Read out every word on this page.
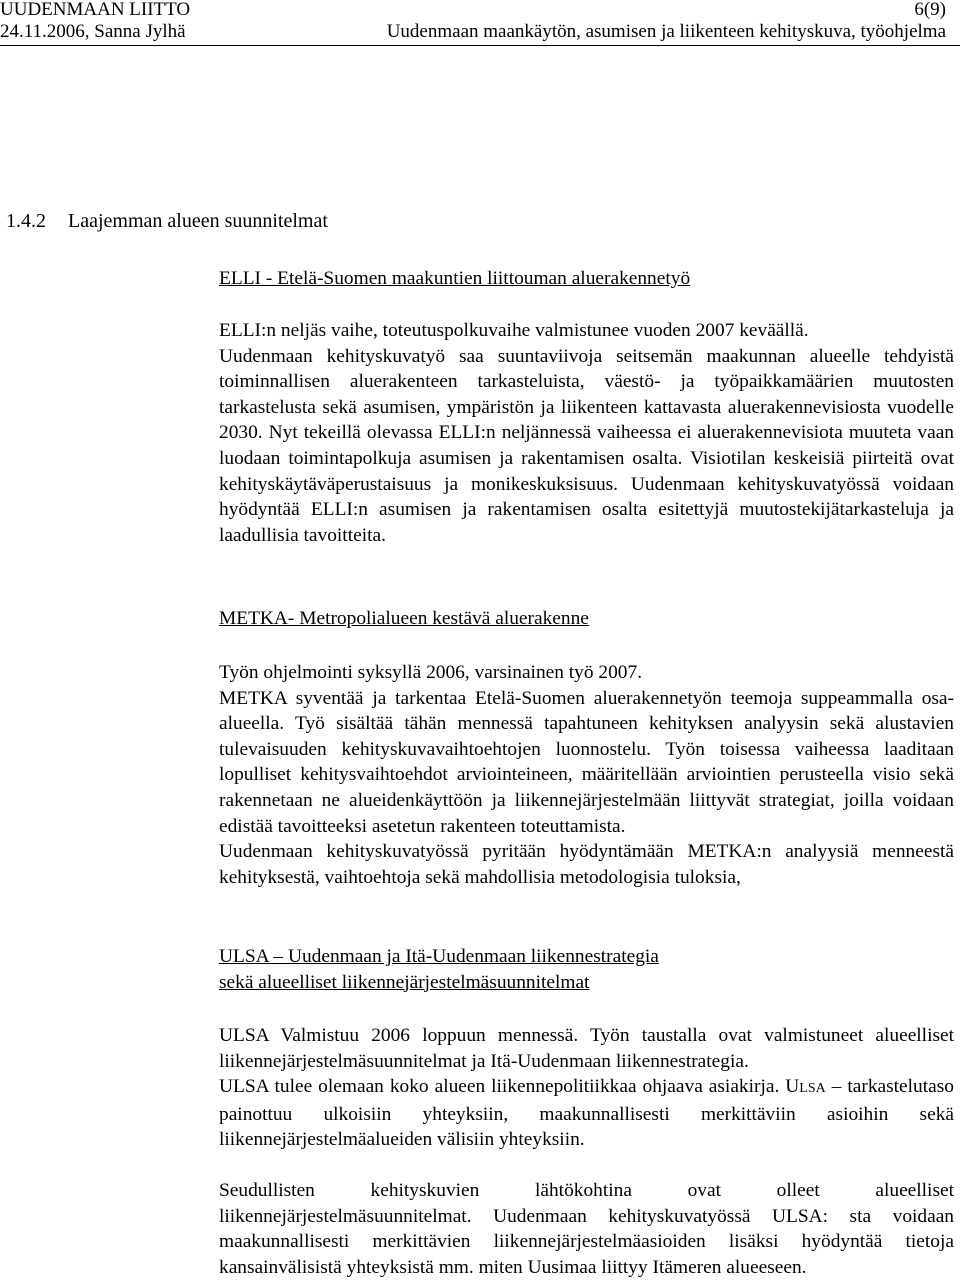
UUDENMAAN LIITTO	6(9)
24.11.2006, Sanna Jylhä	Uudenmaan maankäytön, asumisen ja liikenteen kehityskuva, työohjelma
1.4.2 Laajemman alueen suunnitelmat

ELLI - Etelä-Suomen maakuntien liittouman aluerakennetyö

ELLI:n neljäs vaihe, toteutuspolkuvaihe valmistunee vuoden 2007 keväällä.

Uudenmaan kehityskuvatyö saa suuntaviivoja seitsemän maakunnan alueelle tehdyistä toiminnallisen aluerakenteen tarkasteluista, väestö- ja työpaikkamäärien muutosten tarkastelusta sekä asumisen, ympäristön ja liikenteen kattavasta aluerakennevisiosta vuodelle 2030. Nyt tekeillä olevassa ELLI:n neljännessä vaiheessa ei aluerakennevisiota muuteta vaan luodaan toimintapolkuja asumisen ja rakentamisen osalta. Visiotilan keskeisiä piirteitä ovat kehityskäytäväperustaisuus ja monikeskuksisuus. Uudenmaan kehityskuvatyössä voidaan hyödyntää ELLI:n asumisen ja rakentamisen osalta esitettyjä muutostekijätarkasteluja ja laadullisia tavoitteita.

METKA- Metropolialueen kestävä aluerakenne

Työn ohjelmointi syksyllä 2006, varsinainen työ 2007.

METKA syventää ja tarkentaa Etelä-Suomen aluerakennetyön teemoja suppeammalla osa-alueella. Työ sisältää tähän mennessä tapahtuneen kehityksen analyysin sekä alustavien tulevaisuuden kehityskuvavaihtoehtojen luonnostelu. Työn toisessa vaiheessa laaditaan lopulliset kehitysvaihtoehdot arviointeineen, määritellään arviointien perusteella visio sekä rakennetaan ne alueidenkäyttöön ja liikennejärjestelmään liittyvät strategiat, joilla voidaan edistää tavoitteeksi asetetun rakenteen toteuttamista.

Uudenmaan kehityskuvatyössä pyritään hyödyntämään METKA:n analyysiä menneestä kehityksestä, vaihtoehtoja sekä mahdollisia metodologisia tuloksia,

ULSA – Uudenmaan ja Itä-Uudenmaan liikennestrategia

sekä alueelliset liikennejärjestelmäsuunnitelmat

ULSA Valmistuu 2006 loppuun mennessä. Työn taustalla ovat valmistuneet alueelliset liikennejärjestelmäsuunnitelmat ja Itä-Uudenmaan liikennestrategia.

ULSA tulee olemaan koko alueen liikennepolitiikkaa ohjaava asiakirja. ULSA – tarkastelutaso painottuu ulkoisiin yhteyksiin, maakunnallisesti merkittäviin asioihin sekä liikennejärjestelmäalueiden välisiin yhteyksiin.

Seudullisten kehityskuvien lähtökohtina ovat olleet alueelliset liikennejärjestelmäsuunnitelmat. Uudenmaan kehityskuvatyössä ULSA: sta voidaan maakunnallisesti merkittävien liikennejärjestelmäasioiden lisäksi hyödyntää tietoja kansainvälisistä yhteyksistä mm. miten Uusimaa liittyy Itämeren alueeseen.
